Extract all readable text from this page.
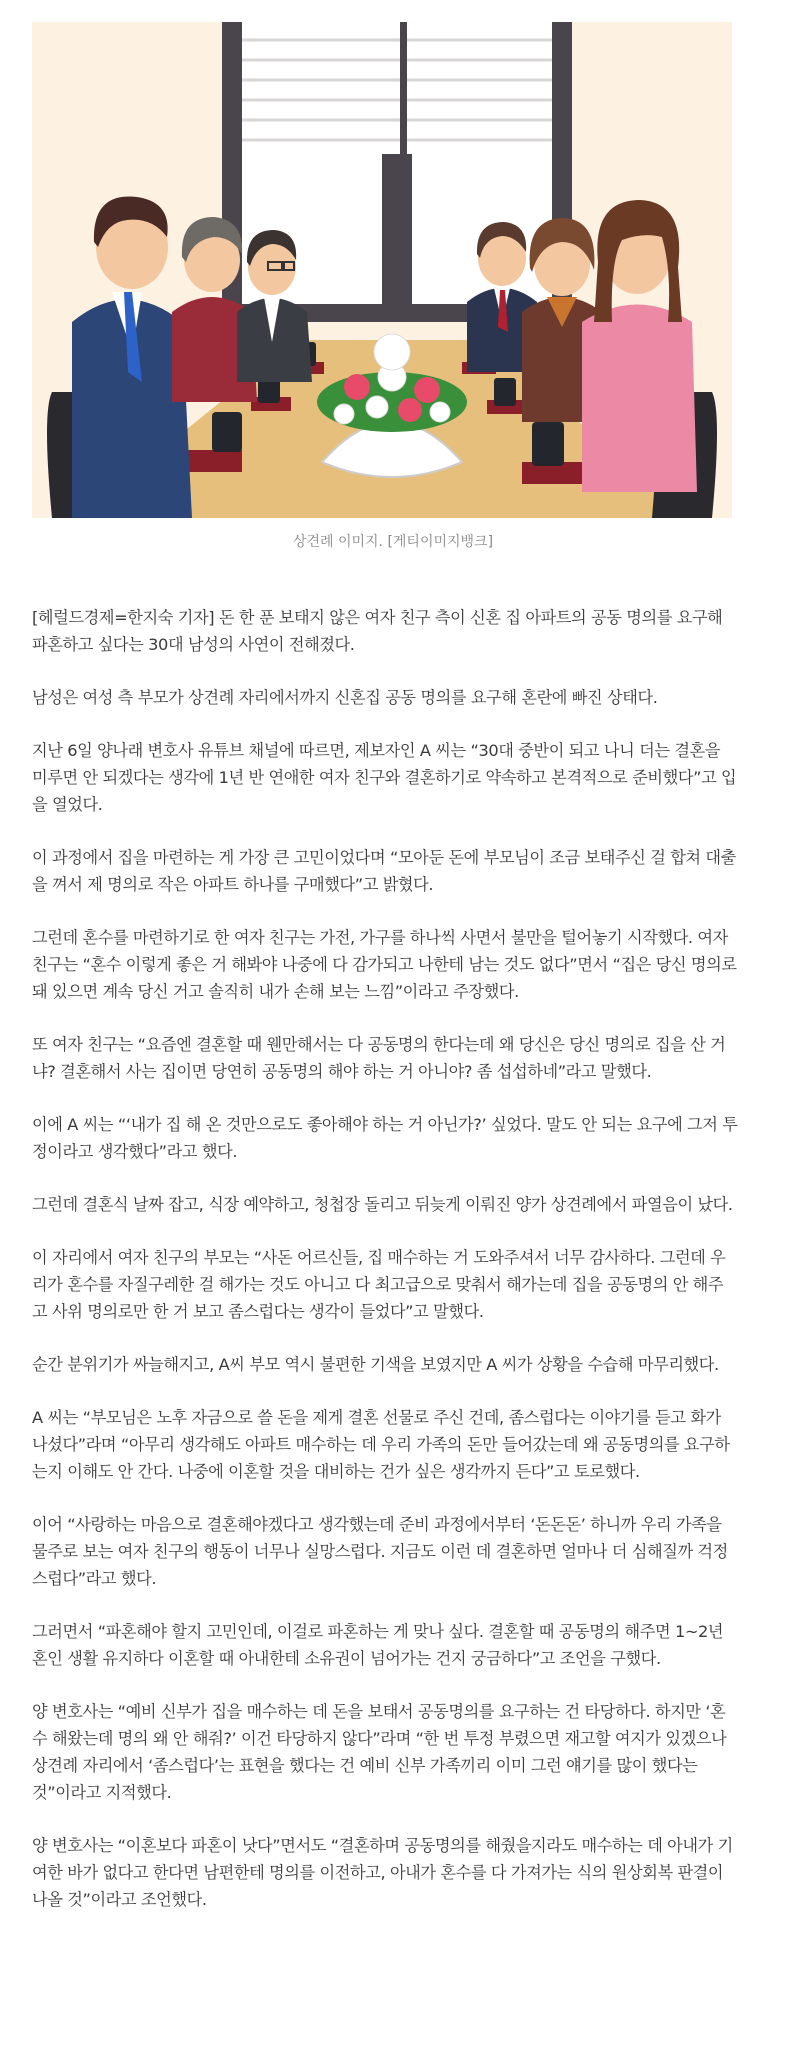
상견례 이미지. [게티이미지뱅크]

[헤럴드경제=한지숙 기자] 돈 한 푼 보태지 않은 여자 친구 측이 신혼 집 아파트의 공동 명의를 요구해 파혼하고 싶다는 30대 남성의 사연이 전해졌다.

남성은 여성 측 부모가 상견례 자리에서까지 신혼집 공동 명의를 요구해 혼란에 빠진 상태다.

지난 6일 양나래 변호사 유튜브 채널에 따르면, 제보자인 A 씨는 “30대 중반이 되고 나니 더는 결혼을 미루면 안 되겠다는 생각에 1년 반 연애한 여자 친구와 결혼하기로 약속하고 본격적으로 준비했다”고 입을 열었다.

이 과정에서 집을 마련하는 게 가장 큰 고민이었다며 “모아둔 돈에 부모님이 조금 보태주신 걸 합쳐 대출을 껴서 제 명의로 작은 아파트 하나를 구매했다”고 밝혔다.

그런데 혼수를 마련하기로 한 여자 친구는 가전, 가구를 하나씩 사면서 불만을 털어놓기 시작했다. 여자 친구는 “혼수 이렇게 좋은 거 해봐야 나중에 다 감가되고 나한테 남는 것도 없다”면서 “집은 당신 명의로 돼 있으면 계속 당신 거고 솔직히 내가 손해 보는 느낌”이라고 주장했다.

또 여자 친구는 “요즘엔 결혼할 때 웬만해서는 다 공동명의 한다는데 왜 당신은 당신 명의로 집을 산 거냐? 결혼해서 사는 집이면 당연히 공동명의 해야 하는 거 아니야? 좀 섭섭하네”라고 말했다.

이에 A 씨는 “‘내가 집 해 온 것만으로도 좋아해야 하는 거 아닌가?’ 싶었다. 말도 안 되는 요구에 그저 투정이라고 생각했다”라고 했다.

그런데 결혼식 날짜 잡고, 식장 예약하고, 청첩장 돌리고 뒤늦게 이뤄진 양가 상견례에서 파열음이 났다.

이 자리에서 여자 친구의 부모는 “사돈 어르신들, 집 매수하는 거 도와주셔서 너무 감사하다. 그런데 우리가 혼수를 자질구레한 걸 해가는 것도 아니고 다 최고급으로 맞춰서 해가는데 집을 공동명의 안 해주고 사위 명의로만 한 거 보고 좀스럽다는 생각이 들었다”고 말했다.

순간 분위기가 싸늘해지고, A씨 부모 역시 불편한 기색을 보였지만 A 씨가 상황을 수습해 마무리했다.

A 씨는 “부모님은 노후 자금으로 쓸 돈을 제게 결혼 선물로 주신 건데, 좀스럽다는 이야기를 듣고 화가 나셨다”라며 “아무리 생각해도 아파트 매수하는 데 우리 가족의 돈만 들어갔는데 왜 공동명의를 요구하는지 이해도 안 간다. 나중에 이혼할 것을 대비하는 건가 싶은 생각까지 든다”고 토로했다.

이어 “사랑하는 마음으로 결혼해야겠다고 생각했는데 준비 과정에서부터 ‘돈돈돈’ 하니까 우리 가족을 물주로 보는 여자 친구의 행동이 너무나 실망스럽다. 지금도 이런 데 결혼하면 얼마나 더 심해질까 걱정스럽다”라고 했다.

그러면서 “파혼해야 할지 고민인데, 이걸로 파혼하는 게 맞나 싶다. 결혼할 때 공동명의 해주면 1~2년 혼인 생활 유지하다 이혼할 때 아내한테 소유권이 넘어가는 건지 궁금하다”고 조언을 구했다.

양 변호사는 “예비 신부가 집을 매수하는 데 돈을 보태서 공동명의를 요구하는 건 타당하다. 하지만 ‘혼수 해왔는데 명의 왜 안 해줘?’ 이건 타당하지 않다”라며 “한 번 투정 부렸으면 재고할 여지가 있겠으나 상견례 자리에서 ‘좀스럽다’는 표현을 했다는 건 예비 신부 가족끼리 이미 그런 얘기를 많이 했다는 것”이라고 지적했다.

양 변호사는 “이혼보다 파혼이 낫다”면서도 “결혼하며 공동명의를 해줬을지라도 매수하는 데 아내가 기여한 바가 없다고 한다면 남편한테 명의를 이전하고, 아내가 혼수를 다 가져가는 식의 원상회복 판결이 나올 것”이라고 조언했다.
